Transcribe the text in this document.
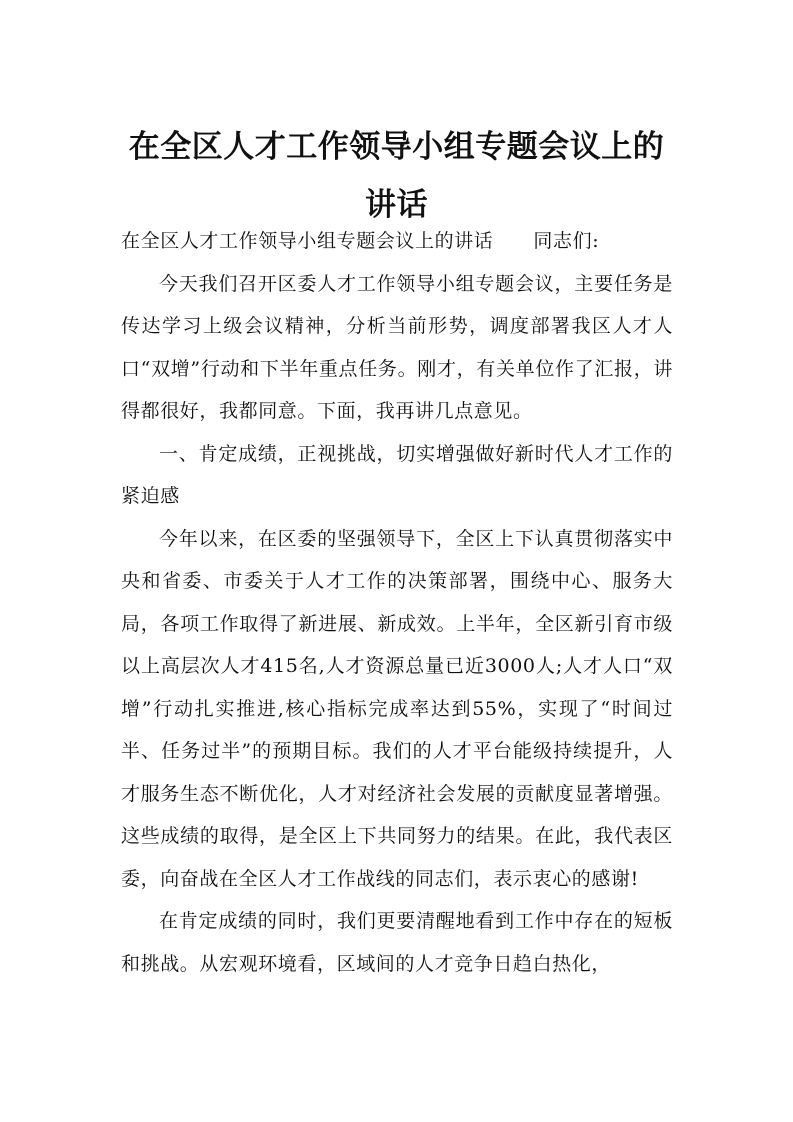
在全区人才工作领导小组专题会议上的讲话

在全区人才工作领导小组专题会议上的讲话 同志们:

今天我们召开区委人才工作领导小组专题会议，主要任务是传达学习上级会议精神，分析当前形势，调度部署我区人才人口“双增”行动和下半年重点任务。刚才，有关单位作了汇报，讲得都很好，我都同意。下面，我再讲几点意见。

一、肯定成绩，正视挑战，切实增强做好新时代人才工作的紧迫感

今年以来，在区委的坚强领导下，全区上下认真贯彻落实中央和省委、市委关于人才工作的决策部署，围绕中心、服务大局，各项工作取得了新进展、新成效。上半年，全区新引育市级以上高层次人才415名,人才资源总量已近3000人;人才人口“双增”行动扎实推进,核心指标完成率达到55%，实现了“时间过半、任务过半”的预期目标。我们的人才平台能级持续提升，人才服务生态不断优化，人才对经济社会发展的贡献度显著增强。这些成绩的取得，是全区上下共同努力的结果。在此，我代表区委，向奋战在全区人才工作战线的同志们，表示衷心的感谢!

在肯定成绩的同时，我们更要清醒地看到工作中存在的短板和挑战。从宏观环境看，区域间的人才竞争日趋白热化，
